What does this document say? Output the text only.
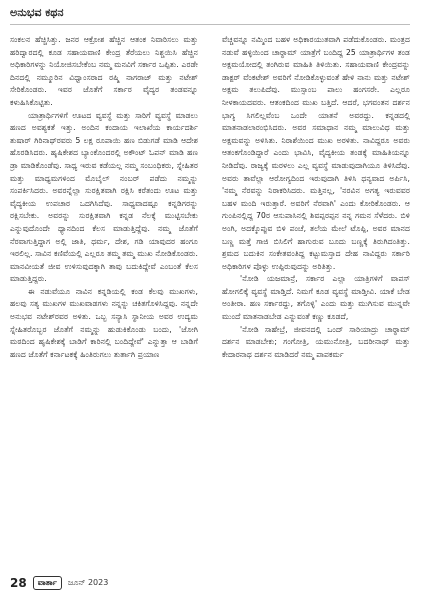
ಅನುಭವ ಕಥನ

ಸಂಕಲನ ಹೆಚ್ಚಿಸಿತ್ತು. ಜನರ ಆಕ್ರೋಶ ಹೆಚ್ಚಿನ ಆತಂಕ ನಿವಾರಿಸಲು ಮತ್ತು ಹರಿದ್ವಾರದಲ್ಲಿ ಕೂಡ ಸಹಾಯವಾಣಿ ಕೇಂದ್ರ ತೆರೆಯಲು ನಿಶ್ಚಯಿಸಿ ಹೆಚ್ಚಿನ ಅಧಿಕಾರಿಗಳನ್ನು ನಿಯೋಜಿಸಬೇಕೆಂಬ ನಮ್ಮ ಮನವಿಗೆ ಸರ್ಕಾರ ಒಪ್ಪಿತು. ಎರಡೇ ದಿನದಲ್ಲಿ ನಮ್ಮೂರಿನ ವಿಧ್ವಾಂಸರಾದ ರಷ್ಮಿ ನಾಗರಾಜ್ ಮತ್ತು ನಟೇಶ್ ಸೇರಿಕೊಂಡರು. ಇವರ ಜೊತೆಗೆ ಸರ್ಕಾರ ವೈದ್ಯರ ತಂಡವನ್ನೂ ಕಳುಹಿಸಿಕೊಟ್ಟಿತು.

ಯಾತ್ರಾರ್ಥಿಗಳಿಗೆ ಊಟದ ವ್ಯವಸ್ಥೆ ಮತ್ತು ಸಾರಿಗೆ ವ್ಯವಸ್ಥೆ ಮಾಡಲು ಹಣದ ಅವಶ್ಯಕತೆ ಇತ್ತು. ಅಂದಿನ ಕಂದಾಯ ಇಲಾಖೆಯ ಕಾರ್ಯದರ್ಶಿ ತುಷಾರ್ ಗಿರಿನಾಥ್‍ರವರು 5 ಲಕ್ಷ ರೂಪಾಯಿ ಹಣ ಬಿಡುಗಡೆ ಮಾಡಿ ಆದೇಶ ಹೊರಡಿಸಿದರು. ಹೃಷಿಕೇಶದ ಬ್ಯಾಂಕೊಂದರಲ್ಲಿ ಅಕೌಂಟ್ ಓಪನ್ ಮಾಡಿ ಹಣ ಡ್ರಾ ಮಾಡಿಕೊಂಡೆವು. ಸಾಧ್ಯ ಇರುವ ಕಡೆಯಲ್ಲ ನಮ್ಮ ಸಂಬಂಧಿಕರು, ಸ್ನೇಹಿತರ ಮತ್ತು ಮಾಧ್ಯಮಗಳಿಂದ ಮೊಬೈಲ್ ನಂಬರ್ ಪಡೆದು ನಮ್ಮನ್ನು ಸಂಪರ್ಕಿಸಿದರು. ಅವರನ್ನೆಲ್ಲಾ ಸುರಕ್ಷಿತವಾಗಿ ರಕ್ಷಿಸಿ ಕರೆತಂದು ಊಟ ಮತ್ತು ವೈದ್ಯಕೀಯ ಉಪಚಾರ ಒದಗಿಸಿದೆವು. ಸಾಧ್ಯವಾದಷ್ಟೂ ಕನ್ನಡಿಗರನ್ನು ರಕ್ಷಿಸಬೇಕು. ಅವರನ್ನು ಸುರಕ್ಷಿತವಾಗಿ ಕನ್ನಡ ನೆಲಕ್ಕೆ ಮುಟ್ಟಿಸಬೇಕು ಎನ್ನುವುದೊಂದೇ ಧ್ಯಾನದಿಂದ ಕೆಲಸ ಮಾಡುತ್ತಿದ್ದೆವು. ನಮ್ಮ ಜೊತೆಗೆ ನೆರವಾಗುತ್ತಿದ್ದಾಗ ಅಲ್ಲಿ ಜಾತಿ, ಧರ್ಮ, ದೇಶ, ಗಡಿ ಯಾವುದರ ಹಂಗೂ ಇರಲಿಲ್ಲ. ಸಾವಿನ ಕಣಿವೆಯಲ್ಲಿ ಎಲ್ಲರೂ ತಮ್ಮ ತಮ್ಮ ಮುಖ ನೋಡಿಕೊಂಡರು. ಮಾನವೀಯತೆ ಜೀವ ಉಳಿಸುವುದಕ್ಕಾಗಿ ತಾವು ಬದುಕಿದ್ದೇವೆ ಎಂಬಂತೆ ಕೆಲಸ ಮಾಡುತ್ತಿದ್ದರು.

ಈ ನಡುವೆಯೂ ನಾವಿನ ಕನ್ನಡಿಯಲ್ಲಿ ಕಂಡ ಕೆಲವು ಮುಖಗಳು, ಹಲವು ಸತ್ಯ ಮುಖಗಳ ಮುಖವಾಡಗಳು ನನ್ನನ್ನು ಚಕಿತಗೊಳಿಸಿದ್ದವು. ನನ್ನದೇ ಅನುಭವ ನಟೇಶ್‍ರವರ ಅಳಿತು. ಒಬ್ಬ ಸನ್ಯಾಸಿ ಸ್ಥಾನೀಯ ಅವರ ಉದ್ಯಮ ಸ್ನೇಹಿತರೊಬ್ಬರ ಜೊತೆಗೆ ನಮ್ಮನ್ನು ಹುಡುಕಿಕೊಂಡು ಬಂದು, 'ಜೋಗಿ ಮಠದಿಂದ ಹೃಷಿಕೇಶಕ್ಕೆ ಬಾಡಿಗೆ ಕಾರಿನಲ್ಲಿ ಬಂದಿದ್ದೇವೆ' ಎನ್ನುತ್ತಾ ಆ ಬಾಡಿಗೆ ಹಣದ ಜೊತೆಗೆ ಕರ್ನಾಟಕಕ್ಕೆ ಹಿಂತಿರುಗಲು ತುರ್ತಾಗಿ ಪ್ರಯಾಣ

ವೆಚ್ಚವನ್ನೂ ನಮ್ಮಿಂದ ಬಹಳ ಅಧಿಕಾರಯುತವಾಗಿ ಪಡೆದುಕೊಂಡರು. ಮಂತ್ರದ ನಡುವೆ ಹಳ್ಳಿಯಿಂದ ಚಾರ್‍ಧಾಮ್ ಯಾತ್ರೆಗೆ ಬಂದಿದ್ದ 25 ಯಾತ್ರಾರ್ಥಿಗಳ ತಂಡ ಅಕ್ಷಮಯೋದಲ್ಲಿ ತಂಗಿರುವ ಮಾಹಿತಿ ತಿಳಿಯಿತು. ಸಹಾಯವಾಣಿ ಕೇಂದ್ರವನ್ನು ಡಾಕ್ಟರ್ ವೆಂಕಟೇಶ್ ಅವರಿಗೆ ನೋಡಿಕೊಳ್ಳುವಂತೆ ಹೇಳಿ ನಾನು ಮತ್ತು ನಟೇಶ್ ಅಕ್ಷಮ ತಲುಪಿದೆವು. ಮುಸ್ಸಾಂಬ ಪಾಲು ಹಂಗಸರೇ. ಎಲ್ಲರೂ ನೀಳಕಾಯದವರು. ಆತಂಕದಿಂದ ಮುಖ ಬತ್ತಿದೆ. ಆದರೆ, ಭಗವಂತನ ದರ್ಶನ ಭಾಗ್ಯ ಸಿಗಲಿಲ್ಲವೆಂಬ ಒಂದೇ ಯಾತನೆ ಅವರದ್ದು. ಕನ್ನಡದಲ್ಲಿ ಮಾತನಾಡಲಾರಂಭಿಸಿದರು. ಅವರ ಸಮಾಧಾನ ನಮ್ಮ ಮಾಲುವಿಧ ಮತ್ತು ಅಕ್ಷಮವನ್ನು ಅಳಿಸಿತು. ನಿರಾಶೆಯಿಂದ ಮುಖ ಅರಳಿತು. ನಾವಿದ್ದರೂ ಅವರು ಆತಂಕಗೊಂಡಿದ್ದಾರೆ ಎಂದು ಭಾವಿಸಿ, ವೈದ್ಯಕೀಯ ತಂಡಕ್ಕೆ ಮಾಹಿತಿಯನ್ನೂ ನೀಡಿದೆವು. ರಾಜ್ಯಕ್ಕೆ ಮರಳಲು ಎಲ್ಲ ವ್ಯವಸ್ಥೆ ಮಾಡುವುದಾಗಿಯೂ ತಿಳಿಸಿದೆವು. ಅವರು ತಾವೆಲ್ಲಾ ಆರೋಗ್ಯದಿಂದ ಇರುವುದಾಗಿ ತಿಳಿಸಿ ಧನ್ಯವಾದ ಅರ್ಪಿಸಿ, 'ನಮ್ಮ ನೆರವನ್ನು ನಿರಾಕರಿಸಿದರು. ಮತ್ತಿನಲ್ಲ, 'ನರವಿನ ಅಗತ್ಯ ಇರುವವರ ಬಹಳ ಮಂದಿ ಇರುತ್ತಾರೆ. ಅವರಿಗೆ ನೆರವಾಗಿ' ಎಂದು ಕೋರಿಕೊಂಡರು. ಆ ಗುಂಪಿನಲ್ಲಿದ್ದ 70ರ ಆಸುಪಾಸಿನಲ್ಲಿ ಶಿವಪ್ಪರಪ್ಪನ ನನ್ನ ಗಮನ ಸೆಳೆದರು. ಬಿಳಿ ಅಂಗಿ, ಅದಕ್ಕೊಪ್ಪುವ ಬಿಳಿ ಪಂಚೆ, ತಲೆಯ ಮೇಲೆ ಟೊಪ್ಪಿ, ಅವರ ಮಾನದ ಬಣ್ಣ ಮತ್ತೆ ಗಾಜಿ ಬಿಸಿಲಿಗೆ ಹಾಗುರುವ ಬೂದು ಬಣ್ಣಕ್ಕೆ ತಿರುಗಿದಂತಿತ್ತು. ಶ್ರಮದ ಬದುಕಿನ ಸಂಕೇತವಂತಿದ್ದ ಕಟ್ಟುಮಸ್ತಾದ ದೇಹ ನಾವಿದ್ದರು ಸರ್ಕಾರಿ ಅಧಿಕಾರಿಗಳ ಪೊಳ್ಳು ಉಪ್ಪಿರುವುದನ್ನು ಅರಿತಿತ್ತು.

'ನೋಡಿ ಯಜಮಾನ್ರೆ, ಸರ್ಕಾರ ಎಲ್ಲಾ ಯಾತ್ರಿಗಳಿಗೆ ವಾಪಸ್ ಹೋಗಲಿಕ್ಕೆ ವ್ಯವಸ್ಥೆ ಮಾಡ್ತಿದೆ. ನಿಮಗೆ ಕೂಡ ವ್ಯವಸ್ಥೆ ಮಾಡ್ತೀವಿ. ಯಾಕೆ ಬೇಡ ಅಂತೀರಾ. ಹಣ ಸರ್ಕಾರದ್ದು, ತಗೊಳ್ಳಿ' ಎಂದು ಮತ್ತು ಮುಗಿಸುವ ಮುನ್ನವೇ ಮುಂದೆ ಮಾತನಾಡಬೇಡ ಎನ್ನುವಂತೆ ಕಣ್ಣು ಕೂಡದೆ,

'ನೋಡಿ ಸಾಹೇಬ್ರೆ, ಜೀವನದಲ್ಲಿ ಒಂದ್ ಸಾರಿಯಾದ್ರು ಚಾರ್‍ಧಾಮ್ ದರ್ಶನ ಮಾಡಬೇಕು; ಗಂಗೋತ್ರಿ, ಯಮುನೋತ್ರಿ, ಬದರೀನಾಥ್ ಮತ್ತು ಕೇದಾರನಾಥ ದರ್ಶನ ಮಾಡಿದರೆ ನಮ್ಮ ಪಾಪಕರ್ಮ

28	ವಾರ್ತಾ	ಜೂನ್ 2023
